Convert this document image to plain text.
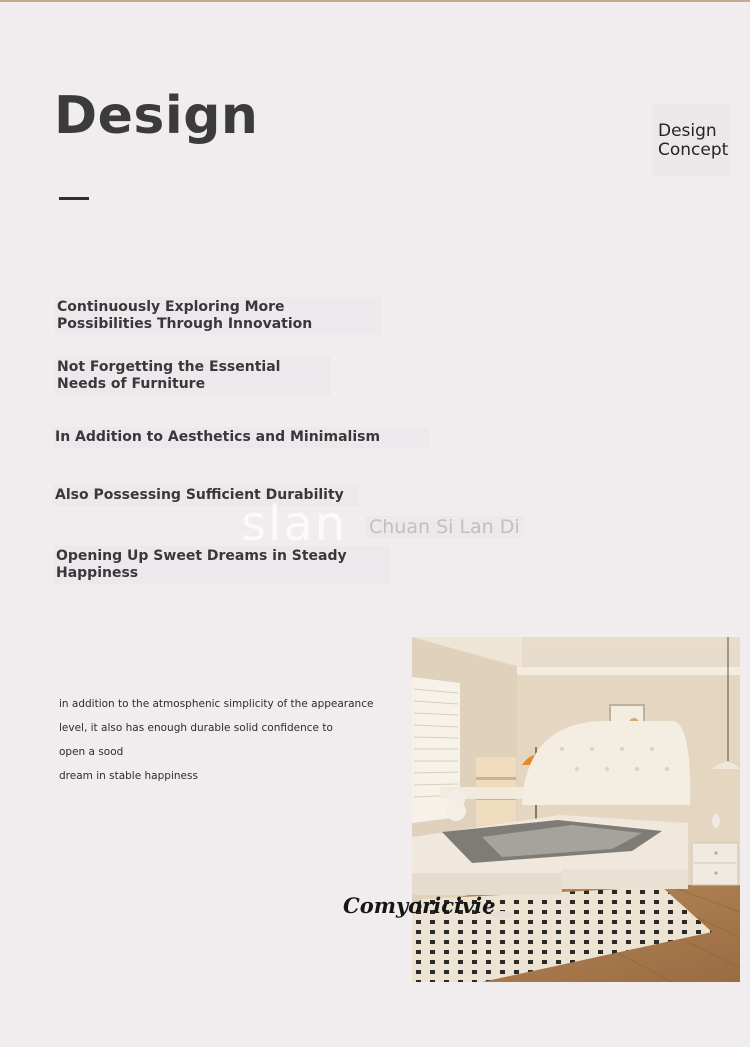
Design	Design
Concept
Continuously Exploring More Possibilities Through Innovation
Not Forgetting the Essential Needs of Furniture
In Addition to Aesthetics and Minimalism
Also Possessing Sufficient Durability
Opening Up Sweet Dreams in Steady Happiness
slan Chuan Si Lan Di
in addition to the atmosphenic simplicity of the appearance
level, it also has enough durable solid confidence to
open a sood
dream in stable happiness
Comyoricivie
